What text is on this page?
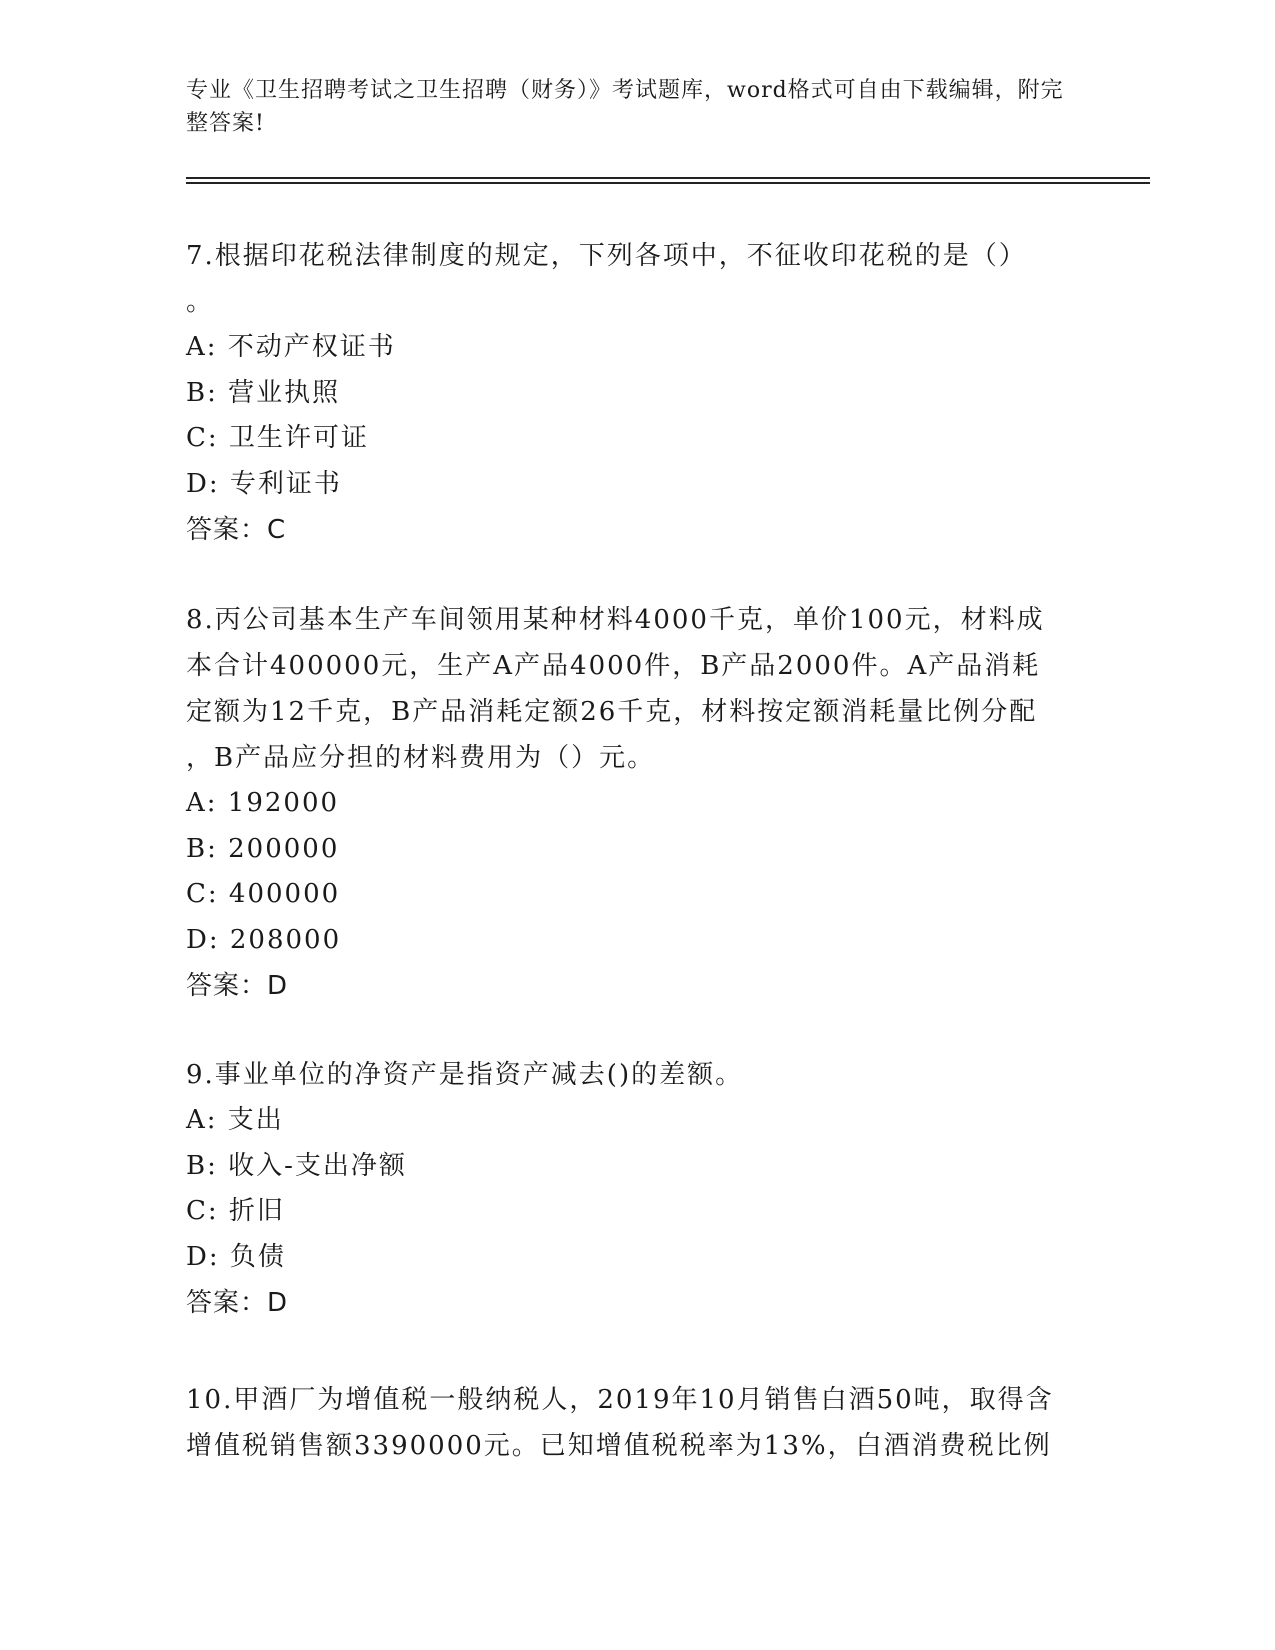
专业《卫生招聘考试之卫生招聘（财务）》考试题库，word格式可自由下载编辑，附完整答案!

7.根据印花税法律制度的规定，下列各项中，不征收印花税的是（）

。

A: 不动产权证书

B: 营业执照

C: 卫生许可证

D: 专利证书

答案：C

8.丙公司基本生产车间领用某种材料4000千克，单价100元，材料成

本合计400000元，生产A产品4000件，B产品2000件。A产品消耗

定额为12千克，B产品消耗定额26千克，材料按定额消耗量比例分配

，B产品应分担的材料费用为（）元。

A: 192000

B: 200000

C: 400000

D: 208000

答案：D

9.事业单位的净资产是指资产减去()的差额。

A: 支出

B: 收入-支出净额

C: 折旧

D: 负债

答案：D

10.甲酒厂为增值税一般纳税人，2019年10月销售白酒50吨，取得含

增值税销售额3390000元。已知增值税税率为13%，白酒消费税比例
